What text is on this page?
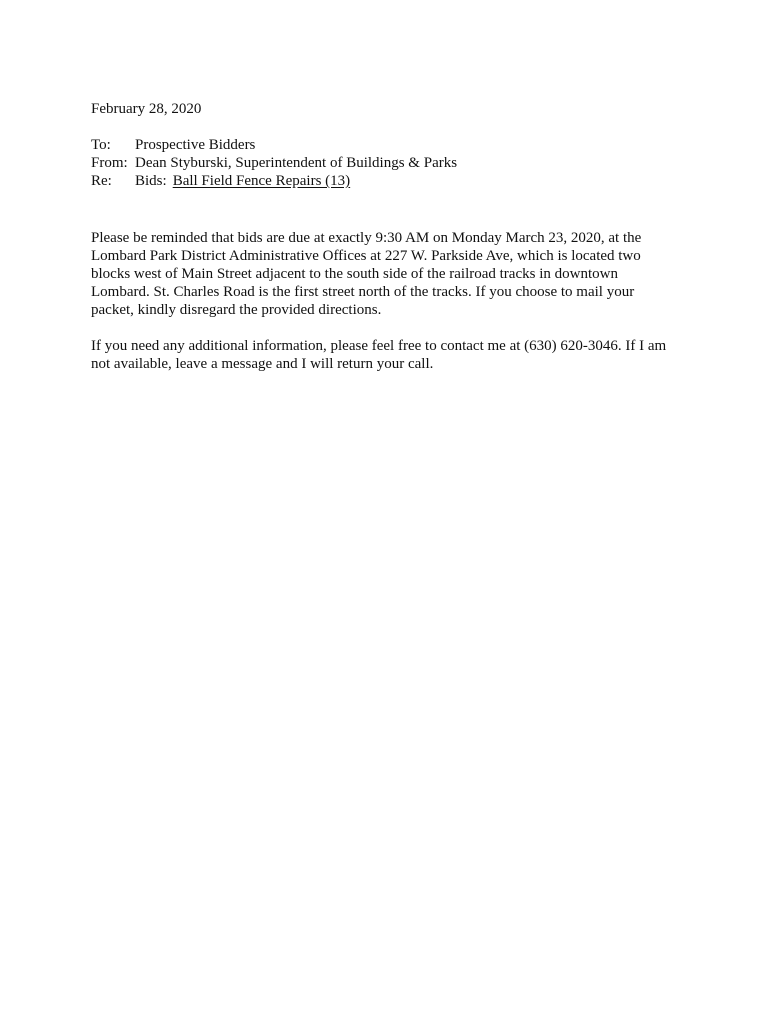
February 28, 2020

To:	Prospective Bidders
From: Dean Styburski, Superintendent of Buildings & Parks
Re:	Bids: Ball Field Fence Repairs (13)

Please be reminded that bids are due at exactly 9:30 AM on Monday March 23, 2020, at the Lombard Park District Administrative Offices at 227 W. Parkside Ave, which is located two blocks west of Main Street adjacent to the south side of the railroad tracks in downtown Lombard. St. Charles Road is the first street north of the tracks. If you choose to mail your packet, kindly disregard the provided directions.

If you need any additional information, please feel free to contact me at (630) 620-3046. If I am not available, leave a message and I will return your call.
